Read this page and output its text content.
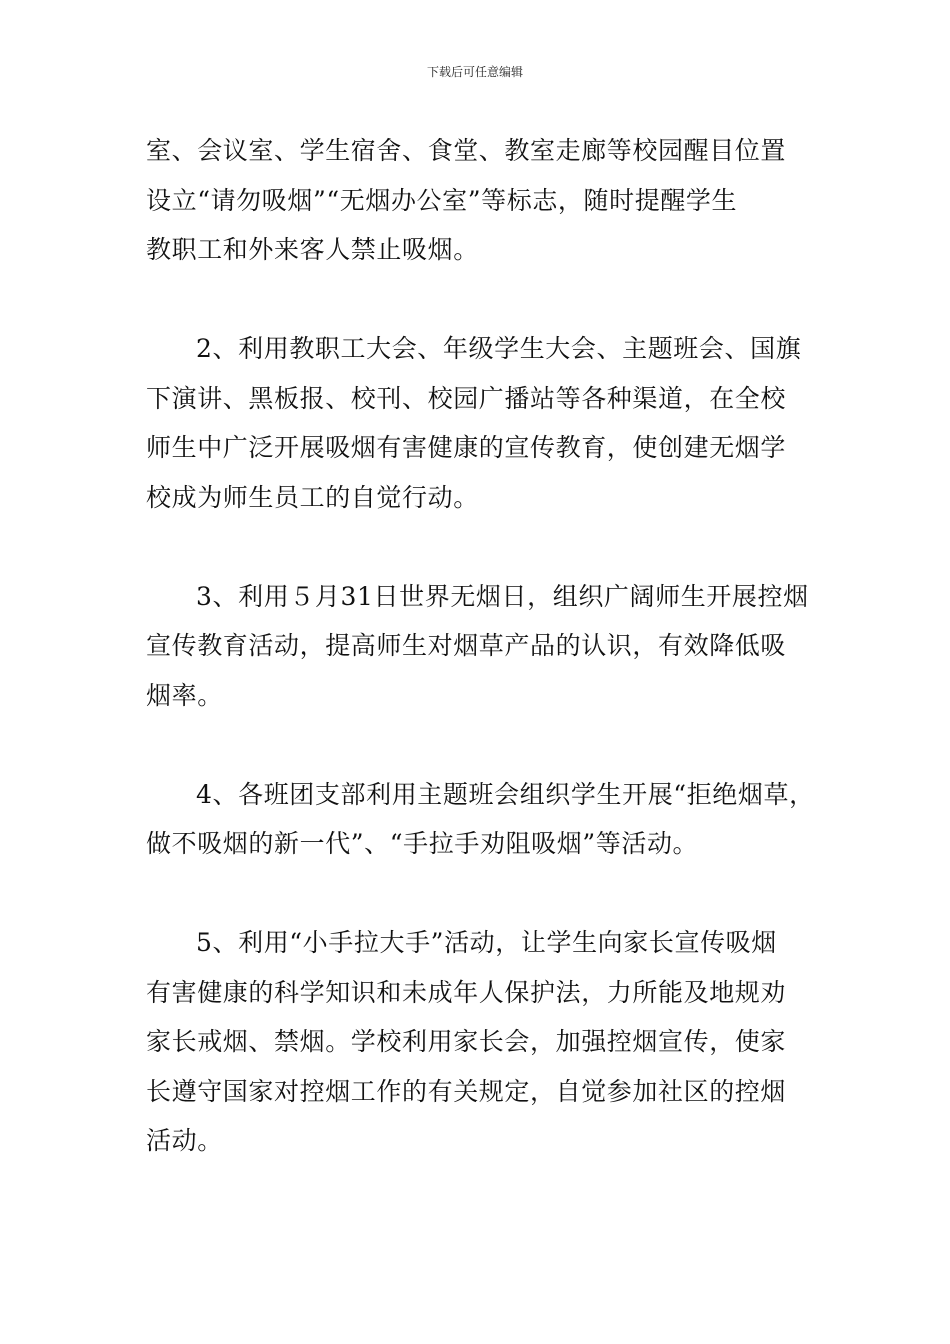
下载后可任意编辑

室、会议室、学生宿舍、食堂、教室走廊等校园醒目位置
设立“请勿吸烟”“无烟办公室”等标志，随时提醒学生
教职工和外来客人禁止吸烟。

2、利用教职工大会、年级学生大会、主题班会、国旗
下演讲、黑板报、校刊、校园广播站等各种渠道，在全校
师生中广泛开展吸烟有害健康的宣传教育，使创建无烟学
校成为师生员工的自觉行动。

3、利用５月31日世界无烟日，组织广阔师生开展控烟
宣传教育活动，提高师生对烟草产品的认识，有效降低吸
烟率。

4、各班团支部利用主题班会组织学生开展“拒绝烟草，
做不吸烟的新一代”、“手拉手劝阻吸烟”等活动。

5、利用“小手拉大手”活动，让学生向家长宣传吸烟
有害健康的科学知识和未成年人保护法，力所能及地规劝
家长戒烟、禁烟。学校利用家长会，加强控烟宣传，使家
长遵守国家对控烟工作的有关规定，自觉参加社区的控烟
活动。
